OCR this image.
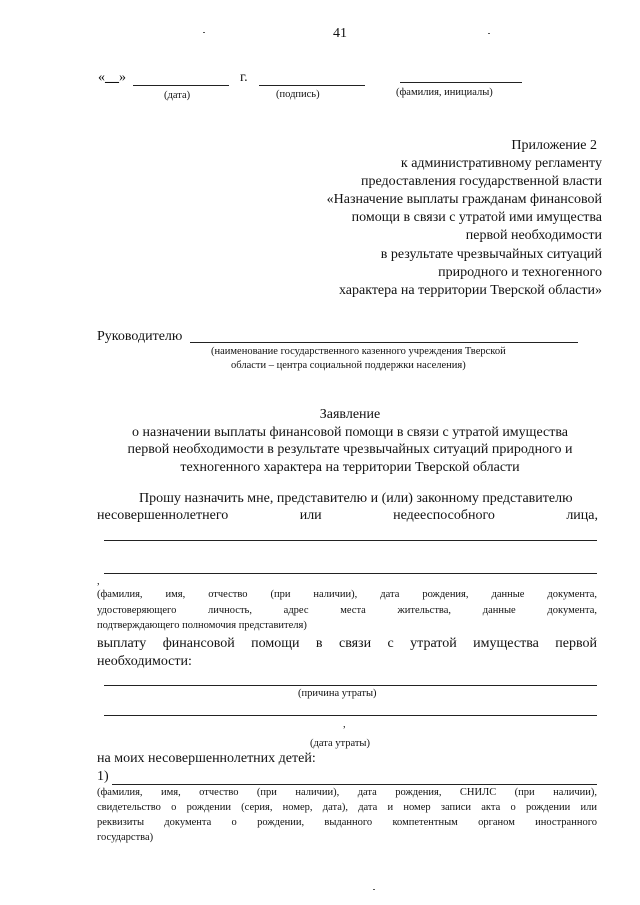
41
«__»	г.
(дата)	(подпись)	(фамилия, инициалы)
Приложение 2
к административному регламенту
предоставления государственной власти
«Назначение выплаты гражданам финансовой
помощи в связи с утратой ими имущества
первой необходимости
в результате чрезвычайных ситуаций
природного и техногенного
характера на территории Тверской области»
Руководителю
(наименование государственного казенного учреждения Тверской
области – центра социальной поддержки населения)
Заявление
о назначении выплаты финансовой помощи в связи с утратой имущества
первой необходимости в результате чрезвычайных ситуаций природного и
техногенного характера на территории Тверской области
Прошу назначить мне, представителю и (или) законному представителю
несовершеннолетнего или недееспособного лица,
,
(фамилия, имя, отчество (при наличии), дата рождения, данные документа,
удостоверяющего личность, адрес места жительства, данные документа,
подтверждающего полномочия представителя)
выплату финансовой помощи в связи с утратой имущества первой
необходимости:
(причина утраты)
,
(дата утраты)
на моих несовершеннолетних детей:
1)
(фамилия, имя, отчество (при наличии), дата рождения, СНИЛС (при наличии),
свидетельство о рождении (серия, номер, дата), дата и номер записи акта о рождении или
реквизиты документа о рождении, выданного компетентным органом иностранного
государства)
